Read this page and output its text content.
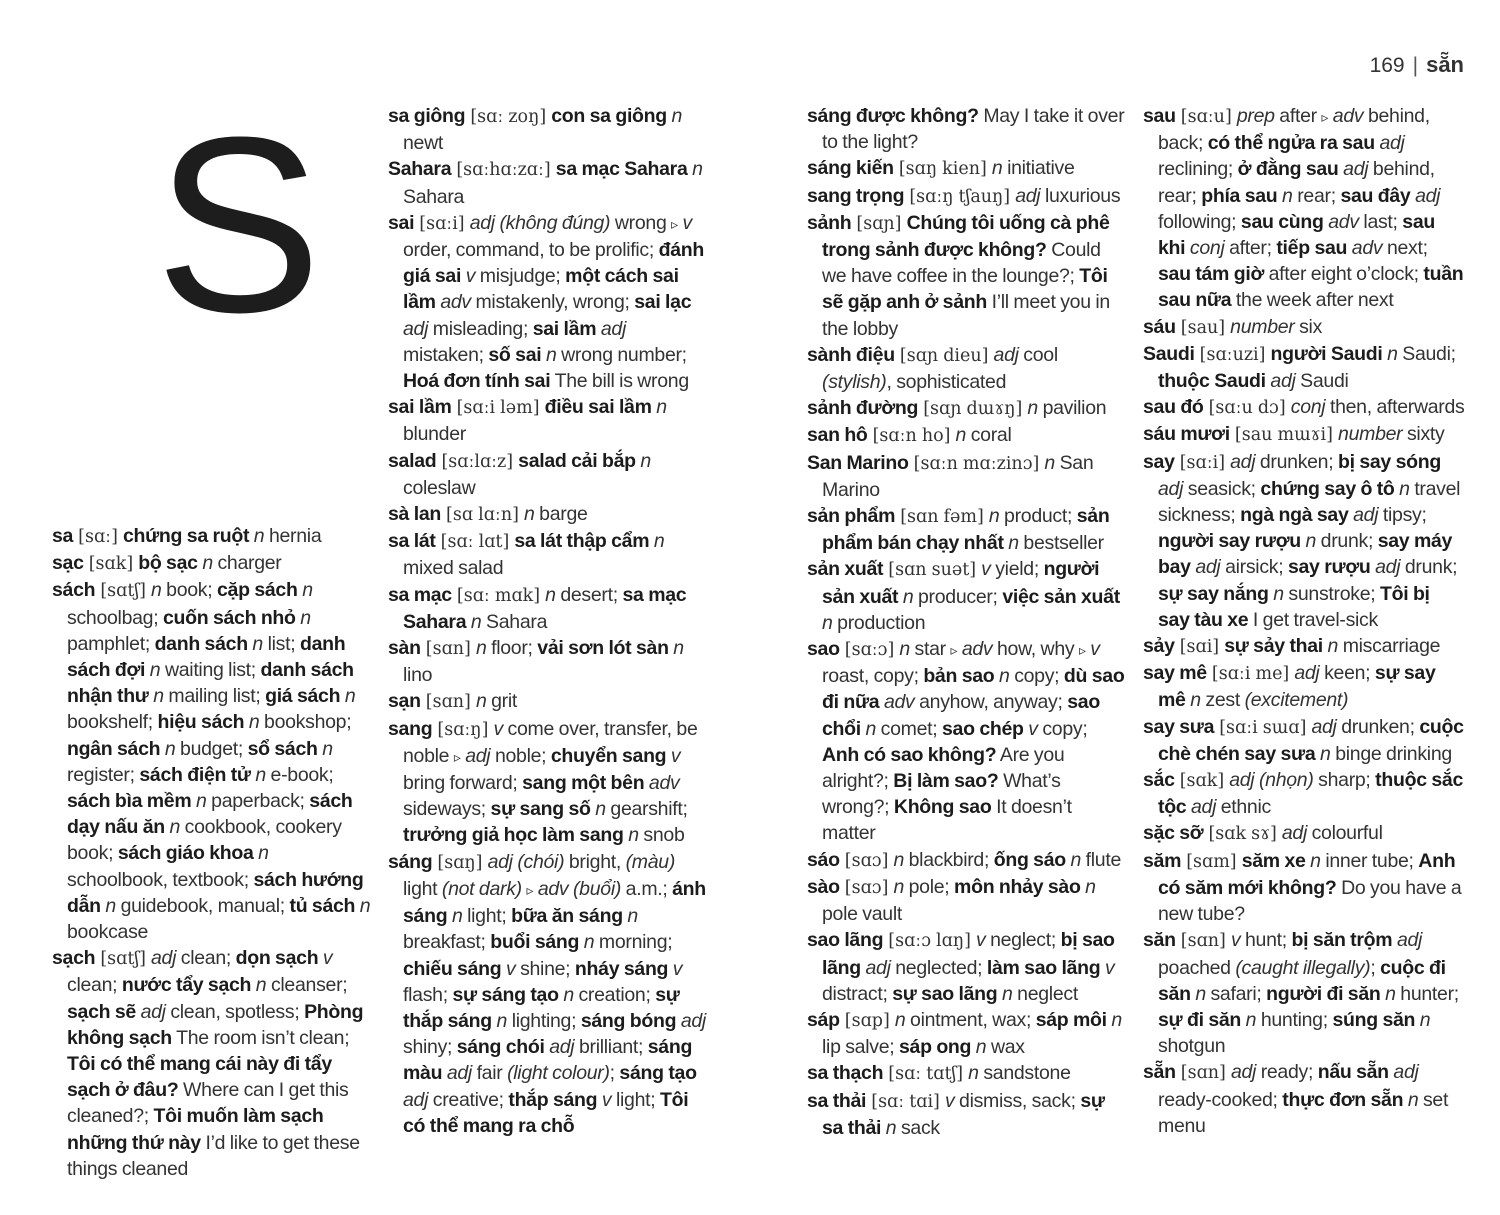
169 | sẵn
S
sa [sɑː] chứng sa ruột n hernia
sạc [sɑk] bộ sạc n charger
sách [sɑtʃ] n book; cặp sách n schoolbag; cuốn sách nhỏ n pamphlet; danh sách n list; danh sách đợi n waiting list; danh sách nhận thư n mailing list; giá sách n bookshelf; hiệu sách n bookshop; ngân sách n budget; sổ sách n register; sách điện tử n e-book; sách bìa mềm n paperback; sách dạy nấu ăn n cookbook, cookery book; sách giáo khoa n schoolbook, textbook; sách hướng dẫn n guidebook, manual; tủ sách n bookcase
sạch [sɑtʃ] adj clean; dọn sạch v clean; nước tẩy sạch n cleanser; sạch sẽ adj clean, spotless; Phòng không sạch The room isn’t clean; Tôi có thể mang cái này đi tẩy sạch ở đâu? Where can I get this cleaned?; Tôi muốn làm sạch những thứ này I’d like to get these things cleaned
sa giông [sɑː zoŋ] con sa giông n newt
Sahara [sɑːhɑːzɑː] sa mạc Sahara n Sahara
sai [sɑːi] adj (không đúng) wrong ▹ v order, command, to be prolific; đánh giá sai v misjudge; một cách sai lầm adv mistakenly, wrong; sai lạc adj misleading; sai lầm adj mistaken; số sai n wrong number; Hoá đơn tính sai The bill is wrong
sai lầm [sɑːi ləm] điều sai lầm n blunder
salad [sɑːlɑːz] salad cải bắp n coleslaw
sà lan [sɑ lɑːn] n barge
sa lát [sɑː lɑt] sa lát thập cẩm n mixed salad
sa mạc [sɑː mɑk] n desert; sa mạc Sahara n Sahara
sàn [sɑn] n floor; vải sơn lót sàn n lino
sạn [sɑn] n grit
sang [sɑːŋ] v come over, transfer, be noble ▹ adj noble; chuyển sang v bring forward; sang một bên adv sideways; sự sang số n gearshift; trưởng giả học làm sang n snob
sáng [sɑŋ] adj (chói) bright, (màu) light (not dark) ▹ adv (buổi) a.m.; ánh sáng n light; bữa ăn sáng n breakfast; buổi sáng n morning; chiếu sáng v shine; nháy sáng v flash; sự sáng tạo n creation; sự thắp sáng n lighting; sáng bóng adj shiny; sáng chói adj brilliant; sáng màu adj fair (light colour); sáng tạo adj creative; thắp sáng v light; Tôi có thể mang ra chỗ
sáng được không? May I take it over to the light?
sáng kiến [sɑŋ kien] n initiative
sang trọng [sɑːŋ tʃauŋ] adj luxurious
sảnh [sɑɲ] Chúng tôi uống cà phê trong sảnh được không? Could we have coffee in the lounge?; Tôi sẽ gặp anh ở sảnh I’ll meet you in the lobby
sành điệu [sɑɲ dieu] adj cool (stylish), sophisticated
sảnh đường [sɑɲ dɯɤŋ] n pavilion
san hô [sɑːn ho] n coral
San Marino [sɑːn mɑːzinɔ] n San Marino
sản phẩm [sɑn fəm] n product; sản phẩm bán chạy nhất n bestseller
sản xuất [sɑn suət] v yield; người sản xuất n producer; việc sản xuất n production
sao [sɑːɔ] n star ▹ adv how, why ▹ v roast, copy; bản sao n copy; dù sao đi nữa adv anyhow, anyway; sao chổi n comet; sao chép v copy; Anh có sao không? Are you alright?; Bị làm sao? What’s wrong?; Không sao It doesn’t matter
sáo [sɑɔ] n blackbird; ống sáo n flute
sào [sɑɔ] n pole; môn nhảy sào n pole vault
sao lãng [sɑːɔ lɑŋ] v neglect; bị sao lãng adj neglected; làm sao lãng v distract; sự sao lãng n neglect
sáp [sɑp] n ointment, wax; sáp môi n lip salve; sáp ong n wax
sa thạch [sɑː tɑtʃ] n sandstone
sa thải [sɑː tɑi] v dismiss, sack; sự sa thải n sack
sau [sɑːu] prep after ▹ adv behind, back; có thể ngửa ra sau adj reclining; ở đằng sau adj behind, rear; phía sau n rear; sau đây adj following; sau cùng adv last; sau khi conj after; tiếp sau adv next; sau tám giờ after eight o’clock; tuần sau nữa the week after next
sáu [sau] number six
Saudi [sɑːuzi] người Saudi n Saudi; thuộc Saudi adj Saudi
sau đó [sɑːu dɔ] conj then, afterwards
sáu mươi [sau mɯɤi] number sixty
say [sɑːi] adj drunken; bị say sóng adj seasick; chứng say ô tô n travel sickness; ngà ngà say adj tipsy; người say rượu n drunk; say máy bay adj airsick; say rượu adj drunk; sự say nắng n sunstroke; Tôi bị say tàu xe I get travel-sick
sảy [sɑi] sự sảy thai n miscarriage
say mê [sɑːi me] adj keen; sự say mê n zest (excitement)
say sưa [sɑːi sɯɑ] adj drunken; cuộc chè chén say sưa n binge drinking
sắc [sɑk] adj (nhọn) sharp; thuộc sắc tộc adj ethnic
sặc sỡ [sɑk sɤ] adj colourful
săm [sɑm] săm xe n inner tube; Anh có săm mới không? Do you have a new tube?
săn [sɑn] v hunt; bị săn trộm adj poached (caught illegally); cuộc đi săn n safari; người đi săn n hunter; sự đi săn n hunting; súng săn n shotgun
sẵn [sɑn] adj ready; nấu sẵn adj ready-cooked; thực đơn sẵn n set menu
